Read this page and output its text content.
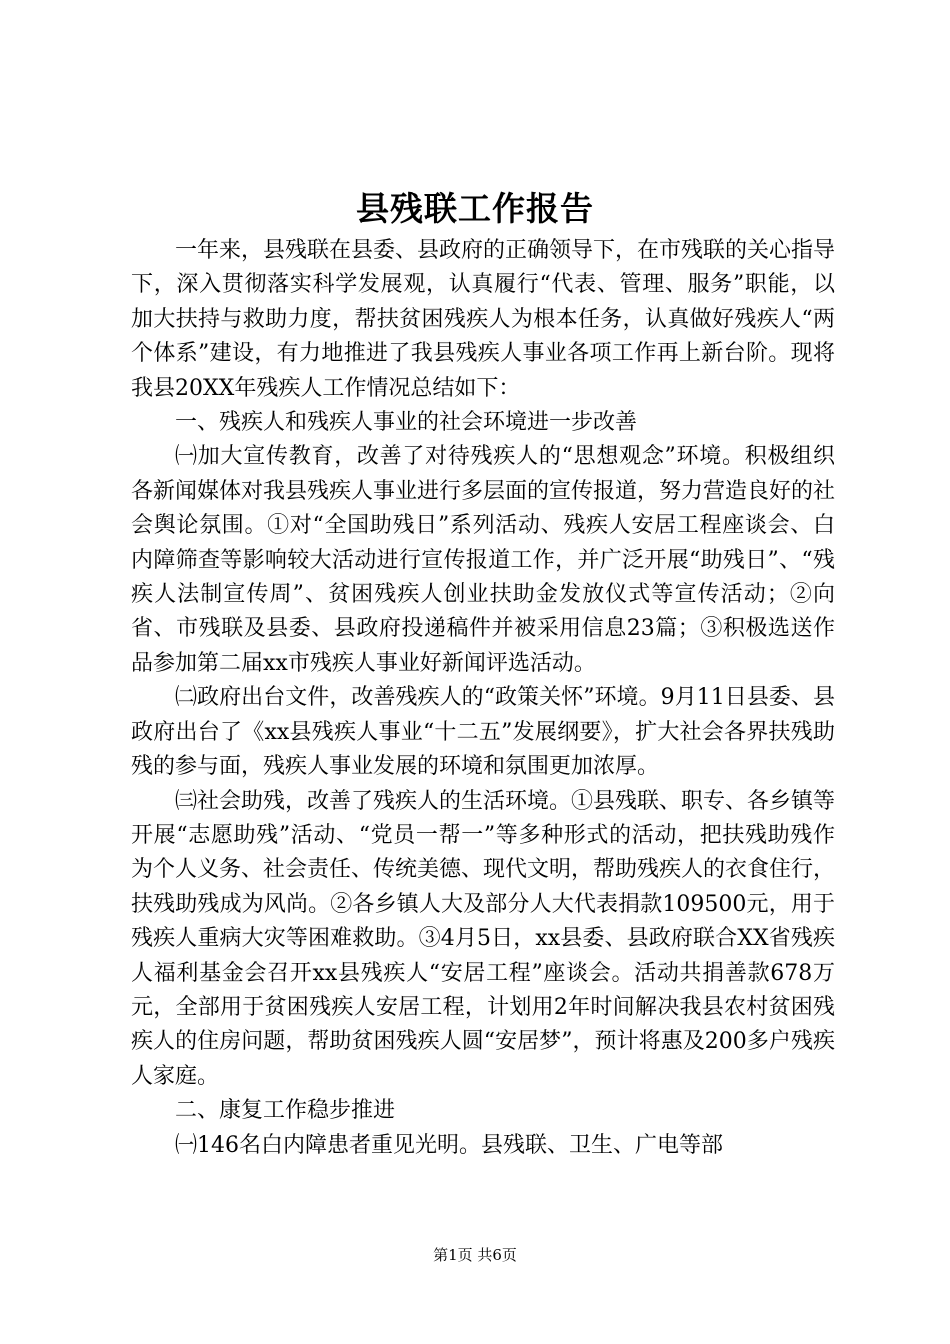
县残联工作报告

一年来，县残联在县委、县政府的正确领导下，在市残联的关心指导下，深入贯彻落实科学发展观，认真履行“代表、管理、服务”职能，以加大扶持与救助力度，帮扶贫困残疾人为根本任务，认真做好残疾人“两个体系”建设，有力地推进了我县残疾人事业各项工作再上新台阶。现将我县20XX年残疾人工作情况总结如下：

一、残疾人和残疾人事业的社会环境进一步改善

㈠加大宣传教育，改善了对待残疾人的“思想观念”环境。积极组织各新闻媒体对我县残疾人事业进行多层面的宣传报道，努力营造良好的社会舆论氛围。①对“全国助残日”系列活动、残疾人安居工程座谈会、白内障筛查等影响较大活动进行宣传报道工作，并广泛开展“助残日”、“残疾人法制宣传周”、贫困残疾人创业扶助金发放仪式等宣传活动；②向省、市残联及县委、县政府投递稿件并被采用信息23篇；③积极选送作品参加第二届xx市残疾人事业好新闻评选活动。

㈡政府出台文件，改善残疾人的“政策关怀”环境。9月11日县委、县政府出台了《xx县残疾人事业“十二五”发展纲要》，扩大社会各界扶残助残的参与面，残疾人事业发展的环境和氛围更加浓厚。

㈢社会助残，改善了残疾人的生活环境。①县残联、职专、各乡镇等开展“志愿助残”活动、“党员一帮一”等多种形式的活动，把扶残助残作为个人义务、社会责任、传统美德、现代文明，帮助残疾人的衣食住行，扶残助残成为风尚。②各乡镇人大及部分人大代表捐款109500元，用于残疾人重病大灾等困难救助。③4月5日，xx县委、县政府联合XX省残疾人福利基金会召开xx县残疾人“安居工程”座谈会。活动共捐善款678万元，全部用于贫困残疾人安居工程，计划用2年时间解决我县农村贫困残疾人的住房问题，帮助贫困残疾人圆“安居梦”，预计将惠及200多户残疾人家庭。

二、康复工作稳步推进

㈠146名白内障患者重见光明。县残联、卫生、广电等部

第1页 共6页
